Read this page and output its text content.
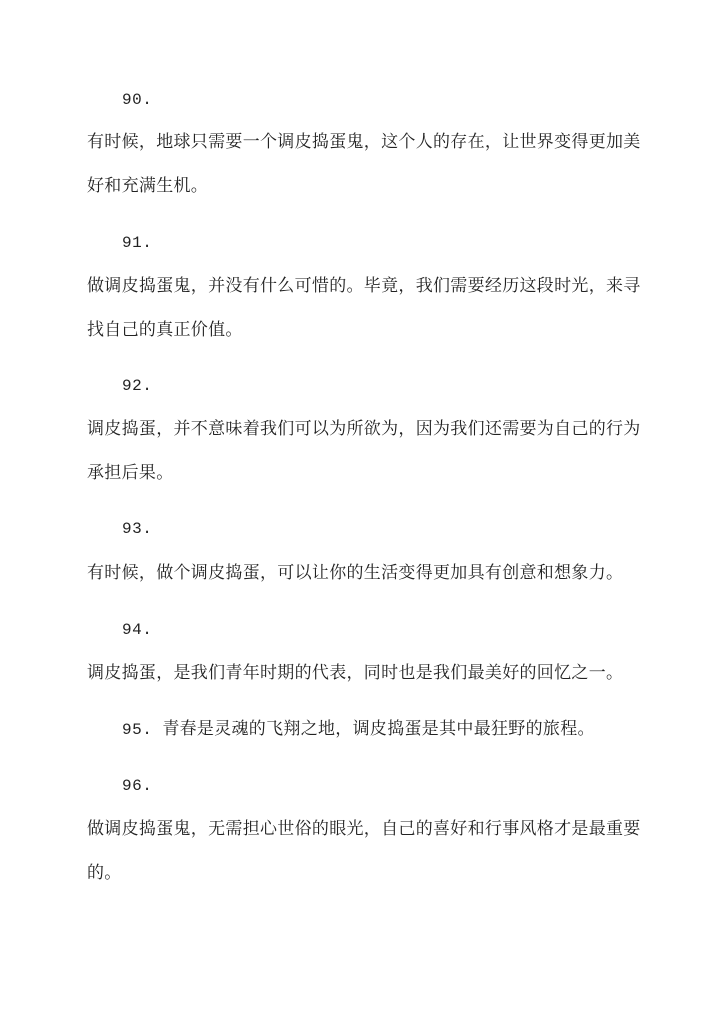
90.
有时候，地球只需要一个调皮捣蛋鬼，这个人的存在，让世界变得更加美
好和充满生机。
91.
做调皮捣蛋鬼，并没有什么可惜的。毕竟，我们需要经历这段时光，来寻
找自己的真正价值。
92.
调皮捣蛋，并不意味着我们可以为所欲为，因为我们还需要为自己的行为
承担后果。
93.
有时候，做个调皮捣蛋，可以让你的生活变得更加具有创意和想象力。
94.
调皮捣蛋，是我们青年时期的代表，同时也是我们最美好的回忆之一。
95. 青春是灵魂的飞翔之地，调皮捣蛋是其中最狂野的旅程。
96.
做调皮捣蛋鬼，无需担心世俗的眼光，自己的喜好和行事风格才是最重要
的。
